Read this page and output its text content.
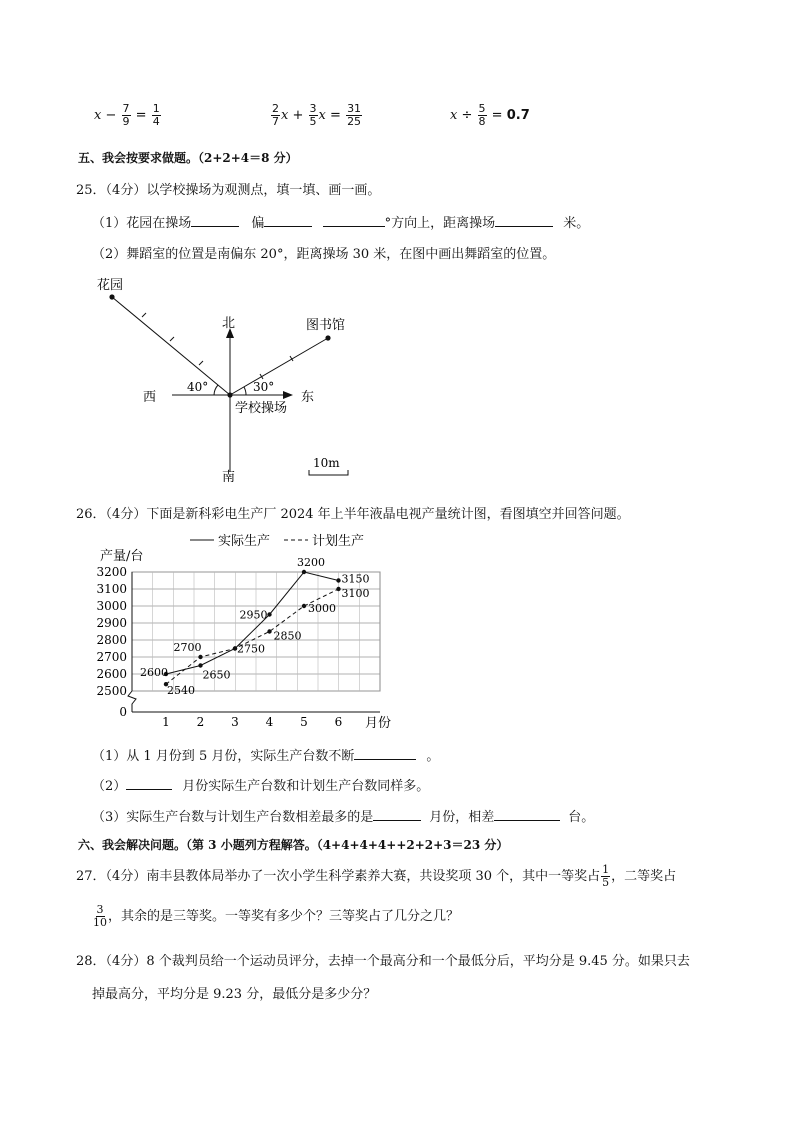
$x - \frac{7}{9} = \frac{1}{4}$	$\frac{2}{7}$ $x + \frac{3}{5}$ $x = \frac{31}{25}$	$x \div \frac{5}{8} = 0.7$
五、我会按要求做题。（2+2+4＝8 分）
25．（4分）以学校操场为观测点，填一填、画一画。
（1）花园在操场	偏	°方向上，距离操场	米。
（2）舞蹈室的位置是南偏东 20°，距离操场 30 米，在图中画出舞蹈室的位置。
花园
北	图书馆
西	东
南
学校操场
40°	30°
10m
26．（4分）下面是新科彩电生产厂 2024 年上半年液晶电视产量统计图，看图填空并回答问题。
实际生产	计划生产
产量/台
0
2500
2600
2700
2800
2900
3000
3100
3200
1 2 3 4 5 6 月份
2600	2650
2950
3200
3150
2540
2700	2750
2850
3000
3100
（1）从 1 月份到 5 月份，实际生产台数不断	。
（2）	月份实际生产台数和计划生产台数同样多。
（3）实际生产台数与计划生产台数相差最多的是	月份，相差	台。
六、我会解决问题。（第 3 小题列方程解答。（4+4+4+4++2+2+3＝23 分）
27．（4分）南丰县教体局举办了一次小学生科学素养大赛，共设奖项 30 个，其中一等奖占 $\frac{1}{5}$ ，二等奖占
$\frac{3}{10}$ ，其余的是三等奖。一等奖有多少个？三等奖占了几分之几？
28．（4分）8 个裁判员给一个运动员评分，去掉一个最高分和一个最低分后，平均分是 9.45 分。如果只去
掉最高分，平均分是 9.23 分，最低分是多少分？
